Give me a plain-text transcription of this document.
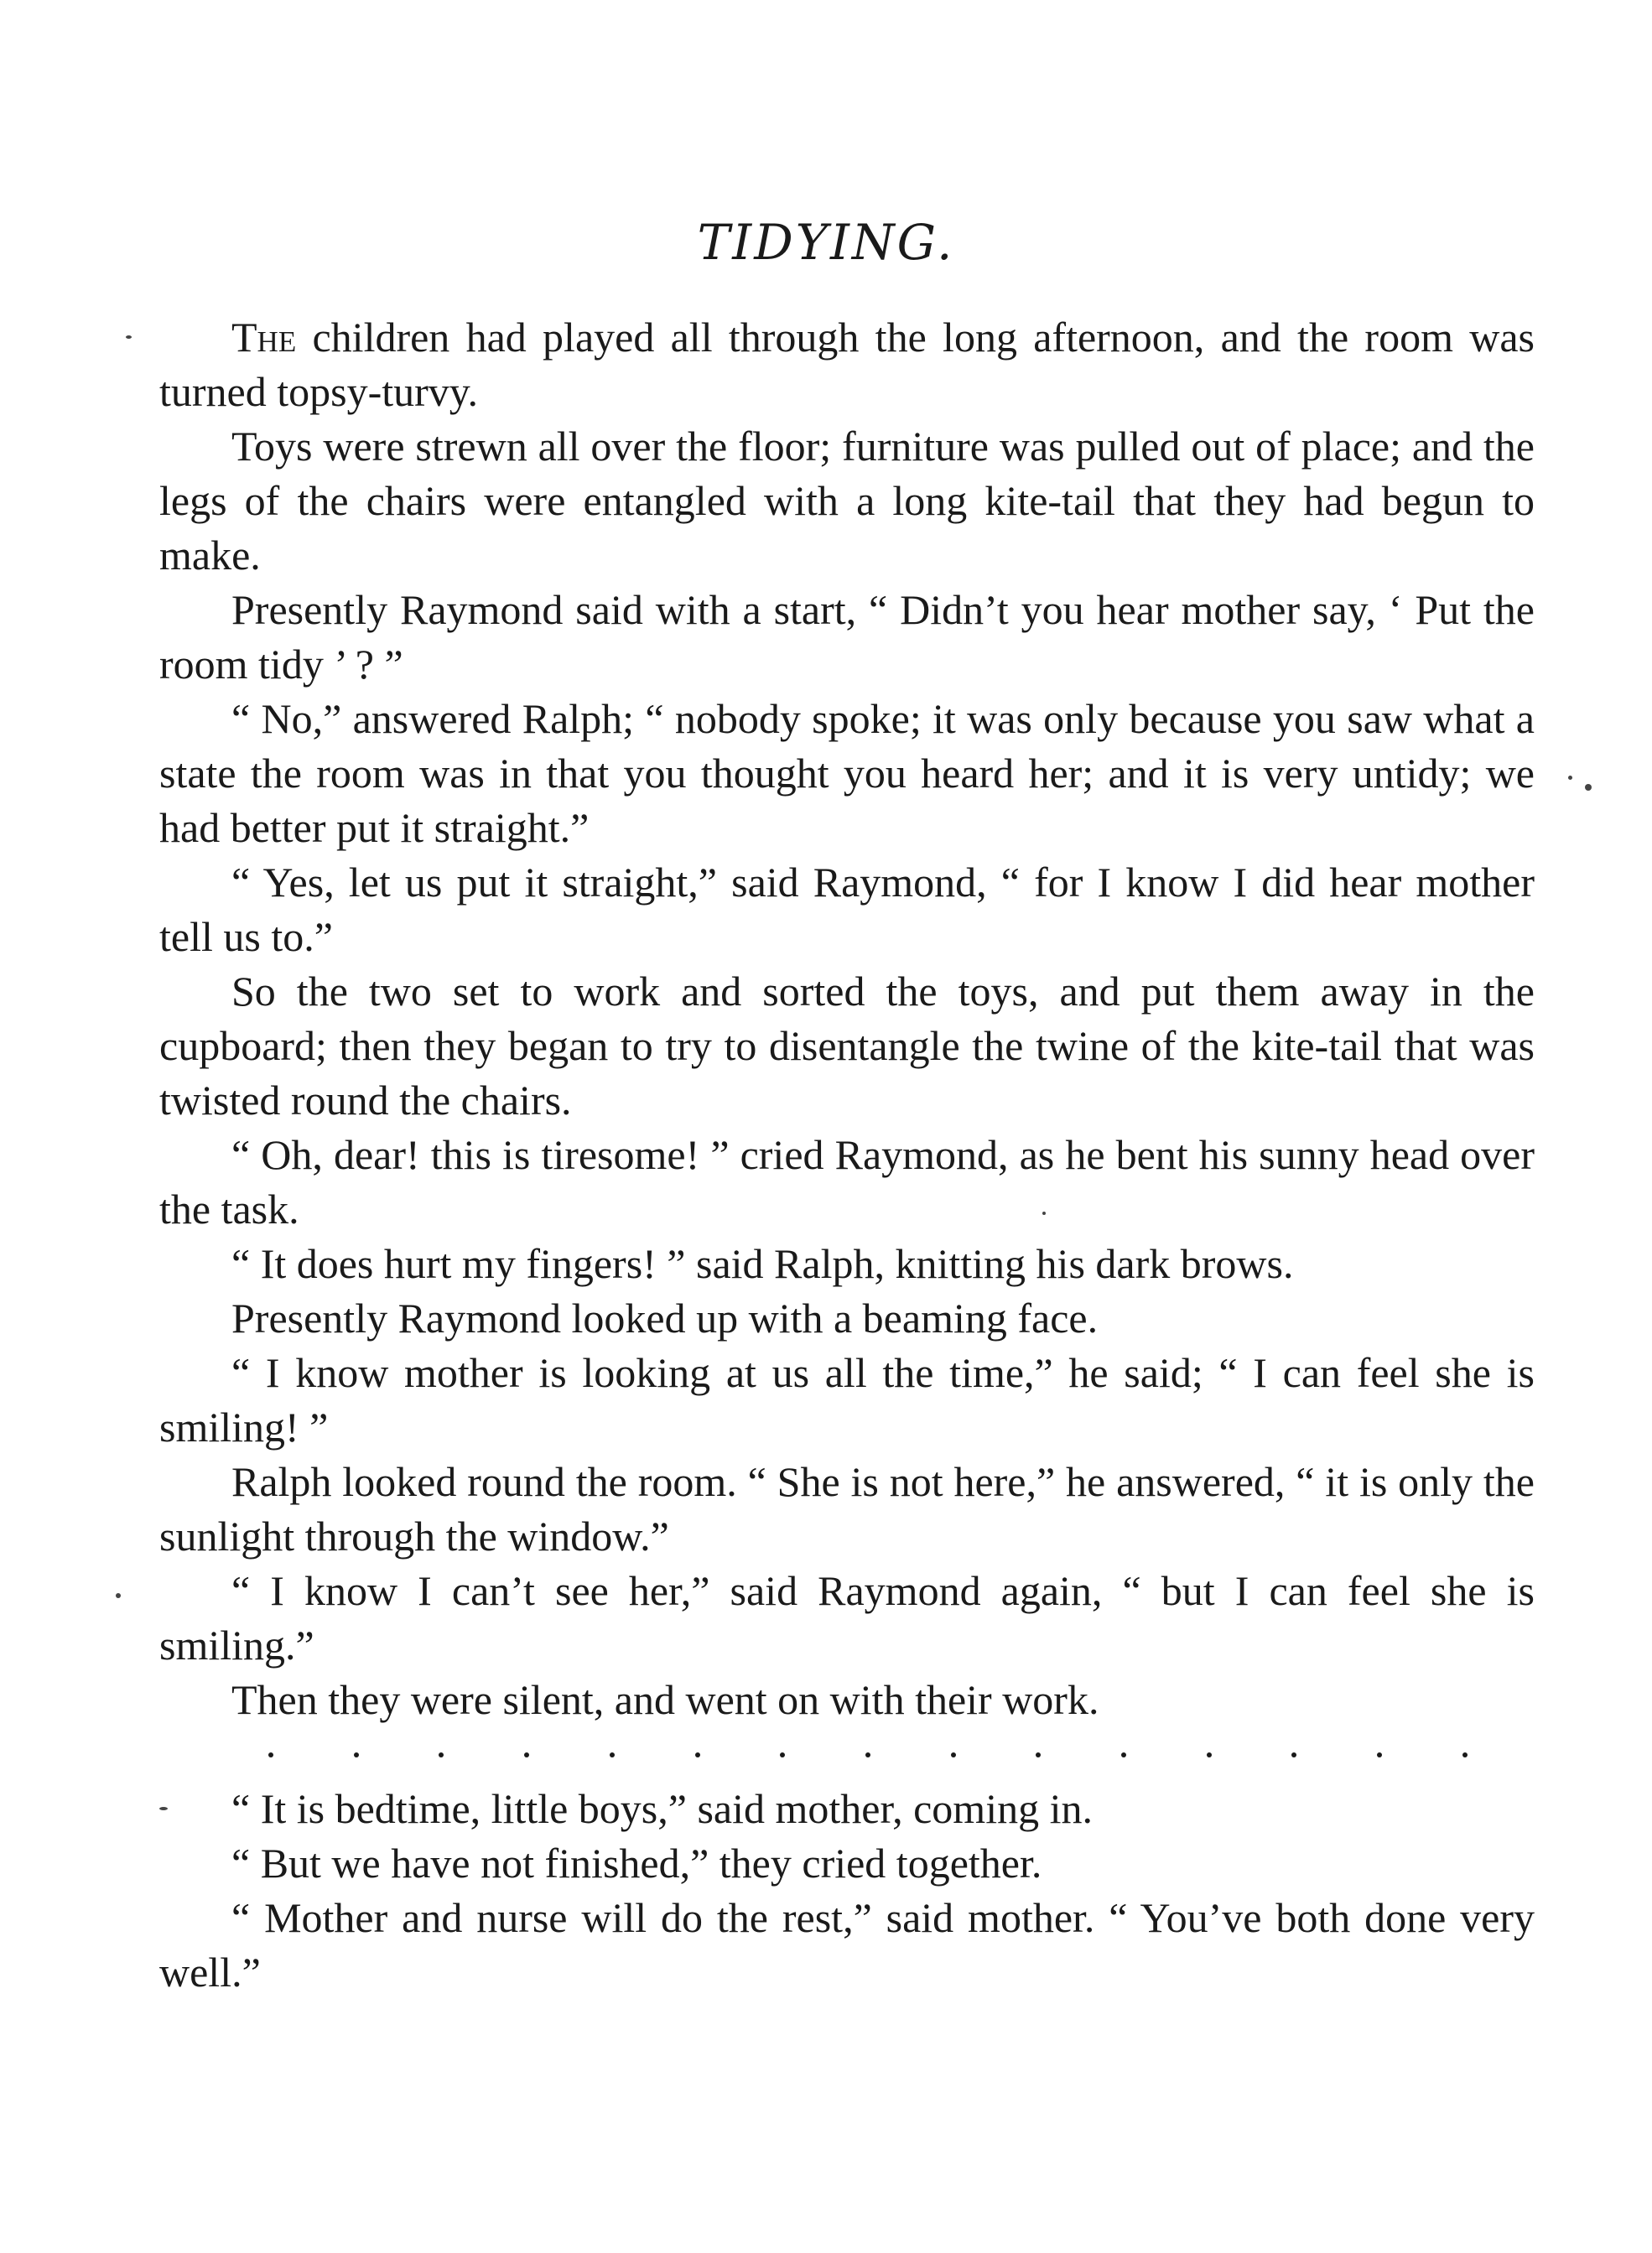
TIDYING.

The children had played all through the long afternoon, and the room was turned topsy-turvy.

Toys were strewn all over the floor; furniture was pulled out of place; and the legs of the chairs were entangled with a long kite-tail that they had begun to make.

Presently Raymond said with a start, “ Didn’t you hear mother say, ‘ Put the room tidy ’ ? ”

“ No,” answered Ralph; “ nobody spoke; it was only because you saw what a state the room was in that you thought you heard her; and it is very untidy; we had better put it straight.”

“ Yes, let us put it straight,” said Raymond, “ for I know I did hear mother tell us to.”

So the two set to work and sorted the toys, and put them away in the cupboard; then they began to try to disentangle the twine of the kite-tail that was twisted round the chairs.

“ Oh, dear! this is tiresome! ” cried Raymond, as he bent his sunny head over the task.

“ It does hurt my fingers! ” said Ralph, knitting his dark brows.

Presently Raymond looked up with a beaming face.

“ I know mother is looking at us all the time,” he said; “ I can feel she is smiling! ”

Ralph looked round the room. “ She is not here,” he answered, “ it is only the sunlight through the window.”

“ I know I can’t see her,” said Raymond again, “ but I can feel she is smiling.”

Then they were silent, and went on with their work.

“ It is bedtime, little boys,” said mother, coming in.

“ But we have not finished,” they cried together.

“ Mother and nurse will do the rest,” said mother. “ You’ve both done very well.”
